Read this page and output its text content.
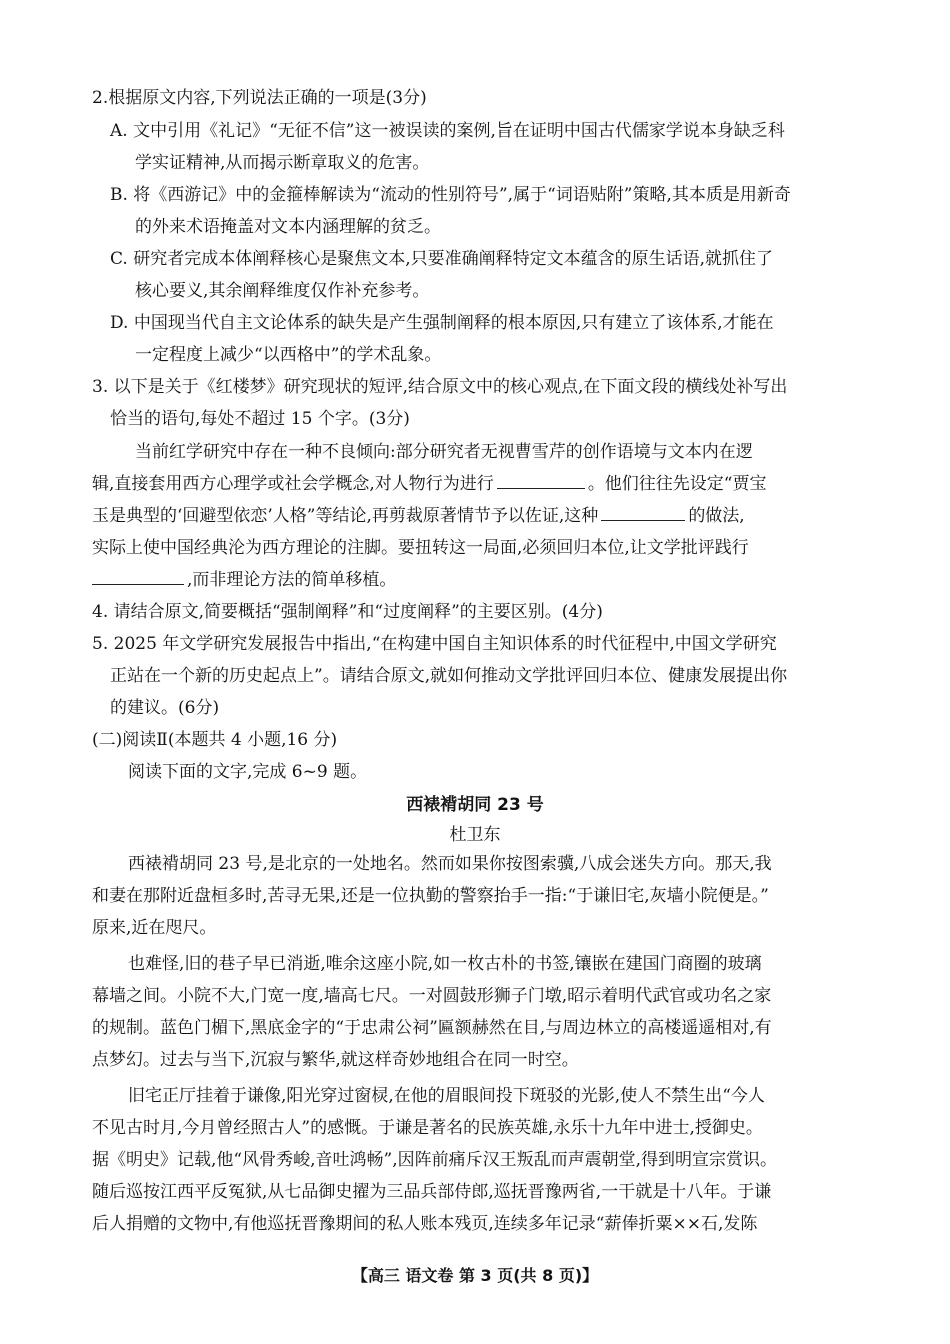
2.根据原文内容,下列说法正确的一项是(3分)
A. 文中引用《礼记》“无征不信”这一被误读的案例,旨在证明中国古代儒家学说本身缺乏科
学实证精神,从而揭示断章取义的危害。
B. 将《西游记》中的金箍棒解读为“流动的性别符号”,属于“词语贴附”策略,其本质是用新奇
的外来术语掩盖对文本内涵理解的贫乏。
C. 研究者完成本体阐释核心是聚焦文本,只要准确阐释特定文本蕴含的原生话语,就抓住了
核心要义,其余阐释维度仅作补充参考。
D. 中国现当代自主文论体系的缺失是产生强制阐释的根本原因,只有建立了该体系,才能在
一定程度上减少“以西格中”的学术乱象。
3. 以下是关于《红楼梦》研究现状的短评,结合原文中的核心观点,在下面文段的横线处补写出
恰当的语句,每处不超过 15 个字。(3分)
当前红学研究中存在一种不良倾向:部分研究者无视曹雪芹的创作语境与文本内在逻
辑,直接套用西方心理学或社会学概念,对人物行为进行	。他们往往先设定“贾宝
玉是典型的‘回避型依恋’人格”等结论,再剪裁原著情节予以佐证,这种	的做法,
实际上使中国经典沦为西方理论的注脚。要扭转这一局面,必须回归本位,让文学批评践行
,而非理论方法的简单移植。
4. 请结合原文,简要概括“强制阐释”和“过度阐释”的主要区别。(4分)
5. 2025 年文学研究发展报告中指出,“在构建中国自主知识体系的时代征程中,中国文学研究
正站在一个新的历史起点上”。请结合原文,就如何推动文学批评回归本位、健康发展提出你
的建议。(6分)
(二)阅读Ⅱ(本题共 4 小题,16 分)
阅读下面的文字,完成 6~9 题。
西裱褙胡同 23 号
杜卫东
西裱褙胡同 23 号,是北京的一处地名。然而如果你按图索骥,八成会迷失方向。那天,我
和妻在那附近盘桓多时,苦寻无果,还是一位执勤的警察抬手一指:“于谦旧宅,灰墙小院便是。”
原来,近在咫尺。
也难怪,旧的巷子早已消逝,唯余这座小院,如一枚古朴的书签,镶嵌在建国门商圈的玻璃
幕墙之间。小院不大,门宽一度,墙高七尺。一对圆鼓形狮子门墩,昭示着明代武官或功名之家
的规制。蓝色门楣下,黑底金字的“于忠肃公祠”匾额赫然在目,与周边林立的高楼遥遥相对,有
点梦幻。过去与当下,沉寂与繁华,就这样奇妙地组合在同一时空。
旧宅正厅挂着于谦像,阳光穿过窗棂,在他的眉眼间投下斑驳的光影,使人不禁生出“今人
不见古时月,今月曾经照古人”的感慨。于谦是著名的民族英雄,永乐十九年中进士,授御史。
据《明史》记载,他“风骨秀峻,音吐鸿畅”,因阵前痛斥汉王叛乱而声震朝堂,得到明宣宗赏识。
随后巡按江西平反冤狱,从七品御史擢为三品兵部侍郎,巡抚晋豫两省,一干就是十八年。于谦
后人捐赠的文物中,有他巡抚晋豫期间的私人账本残页,连续多年记录“薪俸折粟××石,发陈
【高三 语文卷 第 3 页(共 8 页)】
